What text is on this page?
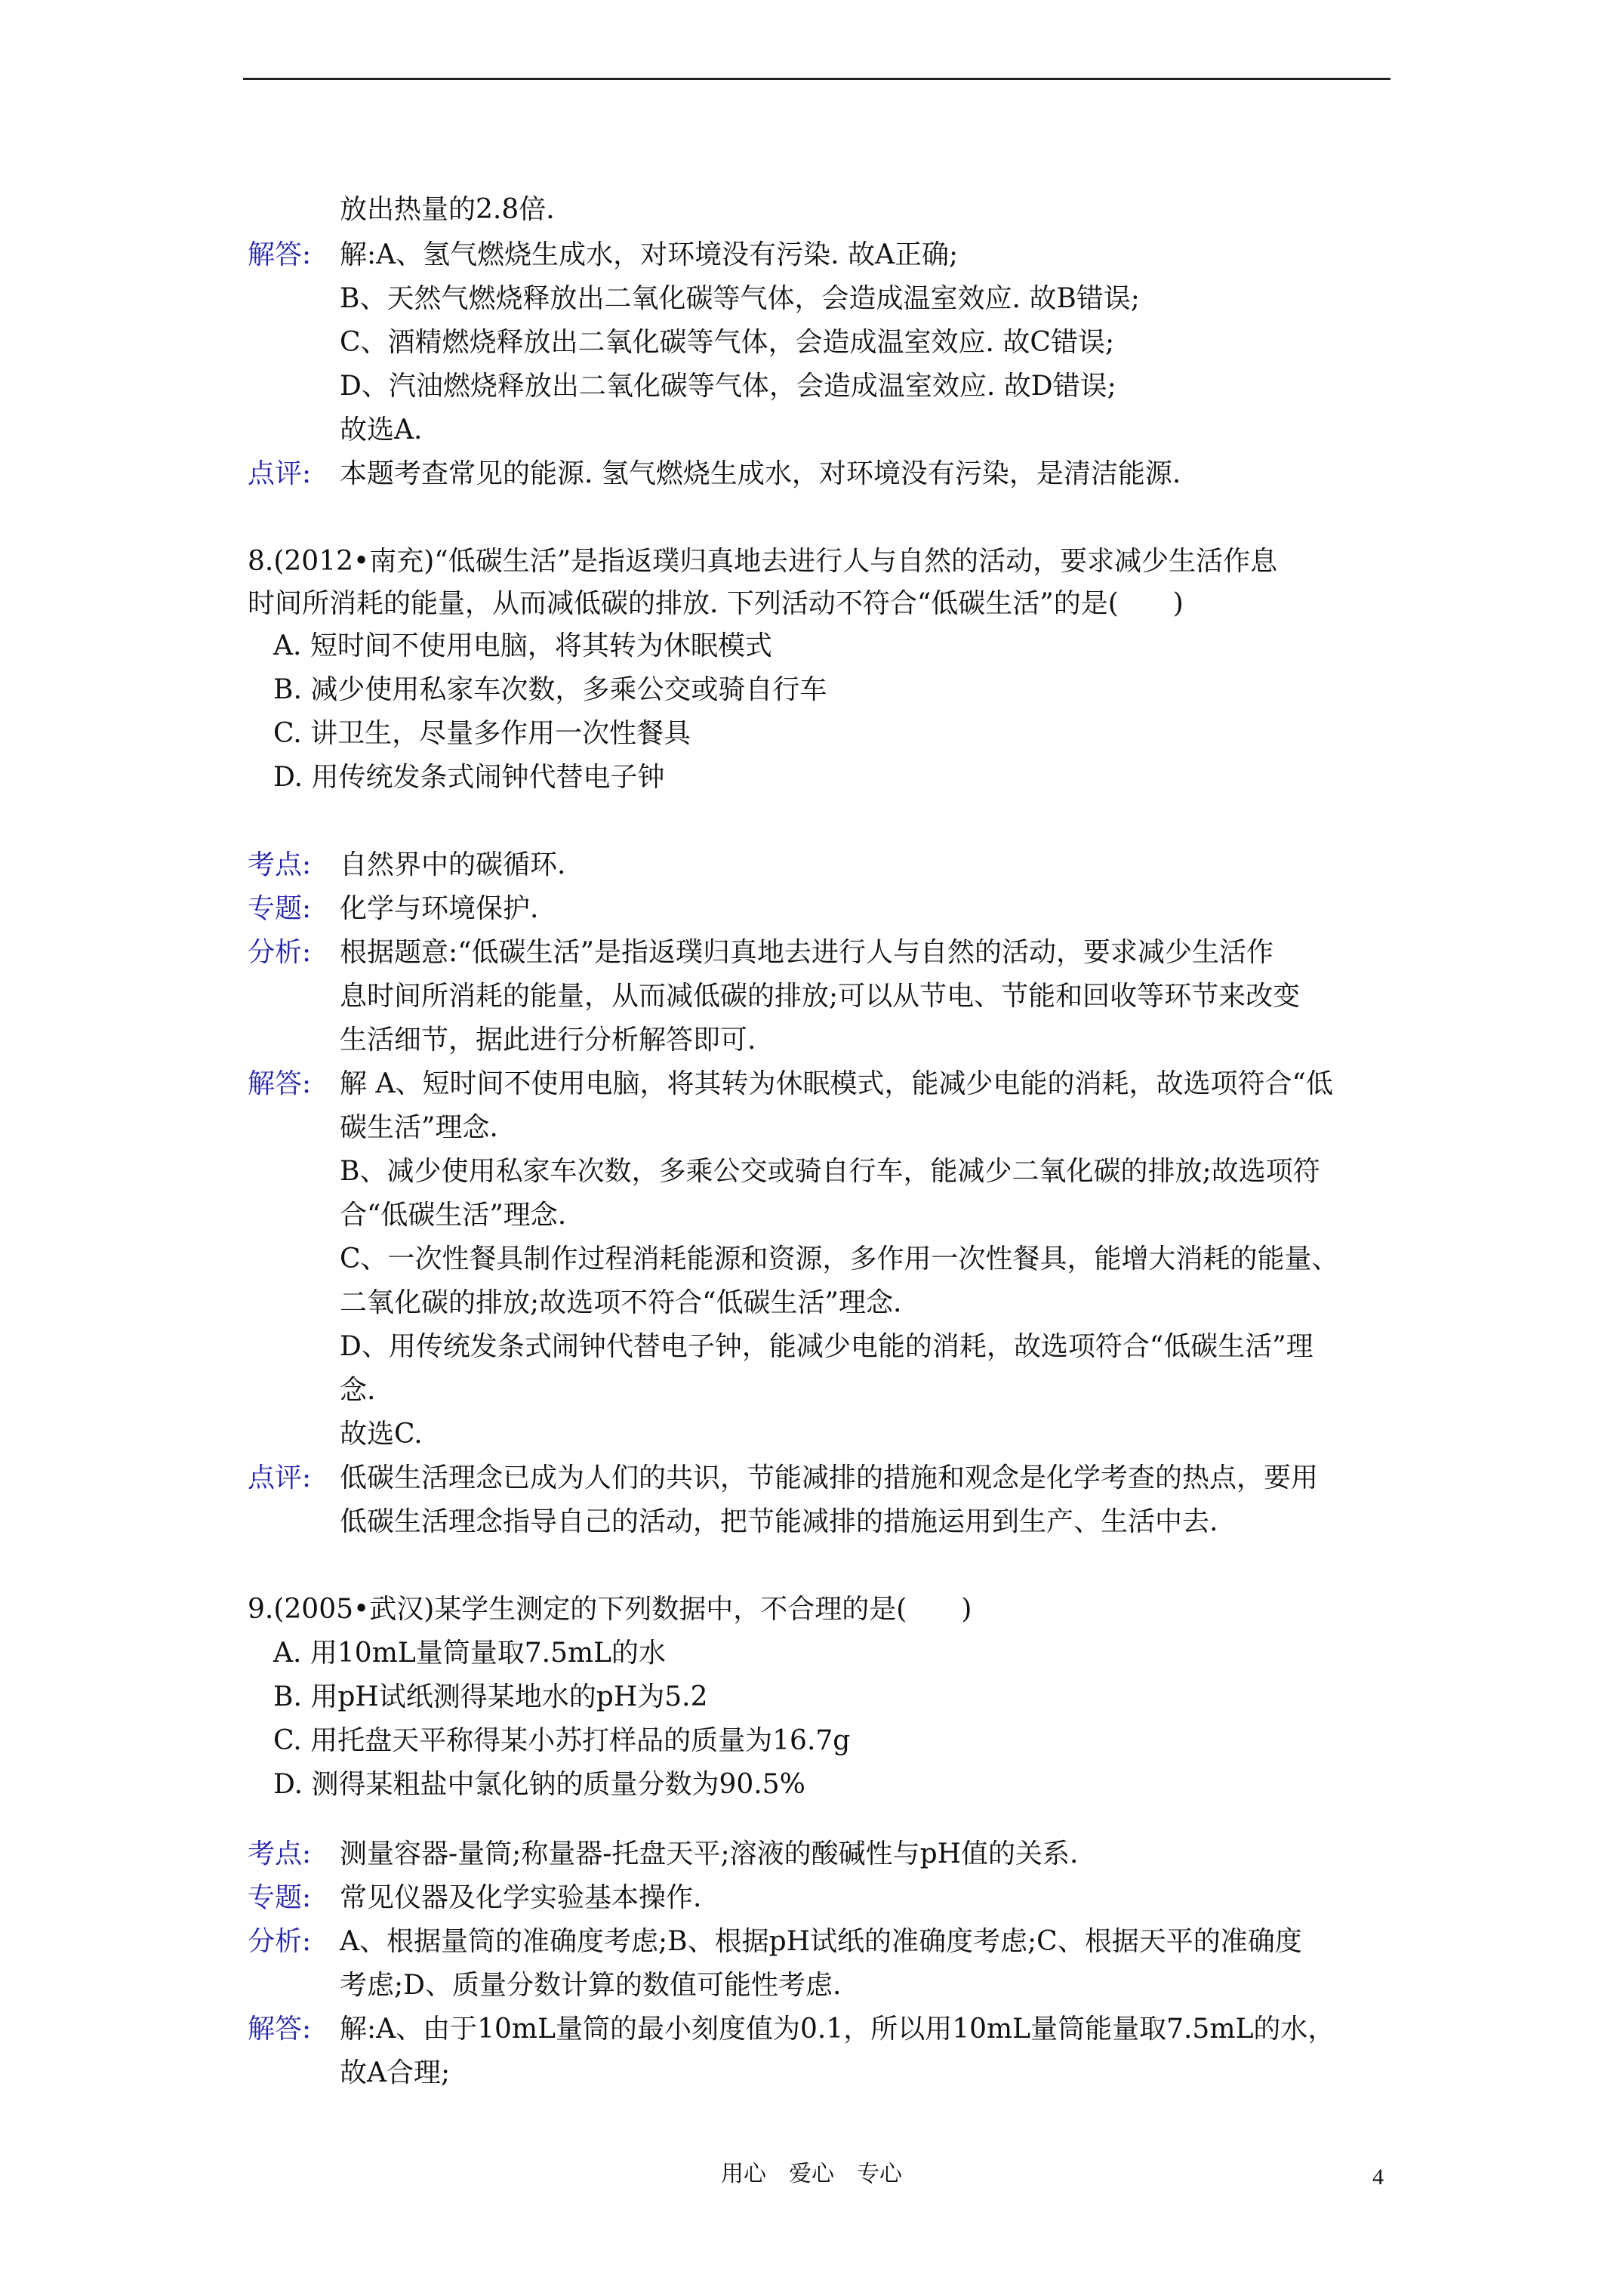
放出热量的2.8倍.
解答: 解:A、氢气燃烧生成水，对环境没有污染. 故A正确;
B、天然气燃烧释放出二氧化碳等气体，会造成温室效应. 故B错误;
C、酒精燃烧释放出二氧化碳等气体，会造成温室效应. 故C错误;
D、汽油燃烧释放出二氧化碳等气体，会造成温室效应. 故D错误;
故选A.
点评: 本题考查常见的能源. 氢气燃烧生成水，对环境没有污染，是清洁能源.
8.(2012•南充)“低碳生活”是指返璞归真地去进行人与自然的活动，要求减少生活作息
时间所消耗的能量，从而减低碳的排放. 下列活动不符合“低碳生活”的是(　　)
A. 短时间不使用电脑，将其转为休眠模式
B. 减少使用私家车次数，多乘公交或骑自行车
C. 讲卫生，尽量多作用一次性餐具
D. 用传统发条式闹钟代替电子钟
考点: 自然界中的碳循环.
专题: 化学与环境保护.
分析: 根据题意:“低碳生活”是指返璞归真地去进行人与自然的活动，要求减少生活作
息时间所消耗的能量，从而减低碳的排放;可以从节电、节能和回收等环节来改变
生活细节，据此进行分析解答即可.
解答: 解 A、短时间不使用电脑，将其转为休眠模式，能减少电能的消耗，故选项符合“低
碳生活”理念.
B、减少使用私家车次数，多乘公交或骑自行车，能减少二氧化碳的排放;故选项符
合“低碳生活”理念.
C、一次性餐具制作过程消耗能源和资源，多作用一次性餐具，能增大消耗的能量、
二氧化碳的排放;故选项不符合“低碳生活”理念.
D、用传统发条式闹钟代替电子钟，能减少电能的消耗，故选项符合“低碳生活”理
念.
故选C.
点评: 低碳生活理念已成为人们的共识，节能减排的措施和观念是化学考查的热点，要用
低碳生活理念指导自己的活动，把节能减排的措施运用到生产、生活中去.
9.(2005•武汉)某学生测定的下列数据中，不合理的是(　　)
A. 用10mL量筒量取7.5mL的水
B. 用pH试纸测得某地水的pH为5.2
C. 用托盘天平称得某小苏打样品的质量为16.7g
D. 测得某粗盐中氯化钠的质量分数为90.5%
考点: 测量容器-量筒;称量器-托盘天平;溶液的酸碱性与pH值的关系.
专题: 常见仪器及化学实验基本操作.
分析: A、根据量筒的准确度考虑;B、根据pH试纸的准确度考虑;C、根据天平的准确度
考虑;D、质量分数计算的数值可能性考虑.
解答: 解:A、由于10mL量筒的最小刻度值为0.1，所以用10mL量筒能量取7.5mL的水，
故A合理;
用心　爱心　专心	4
